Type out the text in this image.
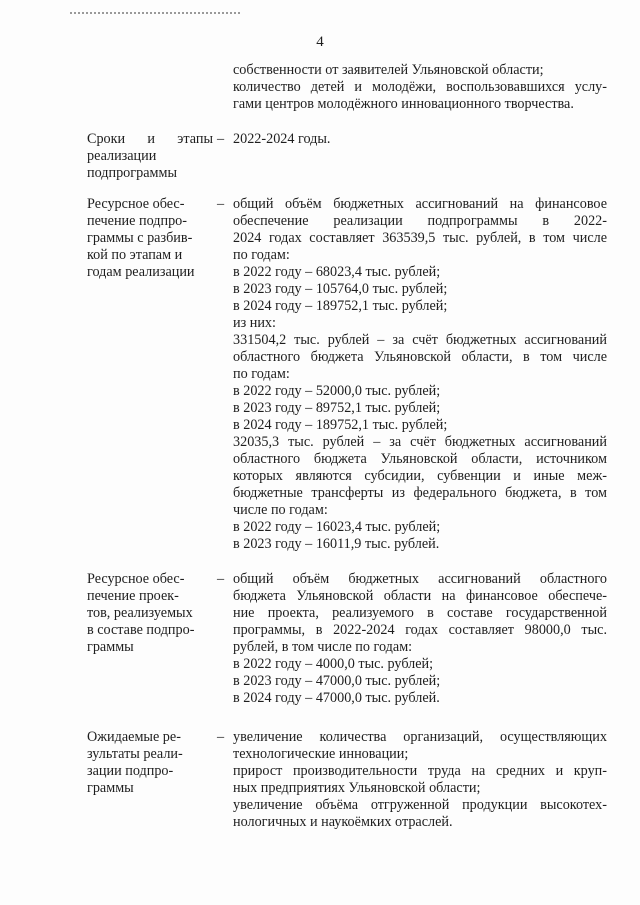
4
собственности от заявителей Ульяновской области;
количество детей и молодёжи, воспользовавшихся услу-
гами центров молодёжного инновационного творчества.
Сроки и этапы
реализации
подпрограммы
– 2022-2024 годы.
Ресурсное обес-
печение подпро-
граммы с разбив-
кой по этапам и
годам реализации
– общий объём бюджетных ассигнований на финансовое
обеспечение реализации подпрограммы в 2022-
2024 годах составляет 363539,5 тыс. рублей, в том числе
по годам:
в 2022 году – 68023,4 тыс. рублей;
в 2023 году – 105764,0 тыс. рублей;
в 2024 году – 189752,1 тыс. рублей;
из них:
331504,2 тыс. рублей – за счёт бюджетных ассигнований
областного бюджета Ульяновской области, в том числе
по годам:
в 2022 году – 52000,0 тыс. рублей;
в 2023 году – 89752,1 тыс. рублей;
в 2024 году – 189752,1 тыс. рублей;
32035,3 тыс. рублей – за счёт бюджетных ассигнований
областного бюджета Ульяновской области, источником
которых являются субсидии, субвенции и иные меж-
бюджетные трансферты из федерального бюджета, в том
числе по годам:
в 2022 году – 16023,4 тыс. рублей;
в 2023 году – 16011,9 тыс. рублей.
Ресурсное обес-
печение проек-
тов, реализуемых
в составе подпро-
граммы
– общий объём бюджетных ассигнований областного
бюджета Ульяновской области на финансовое обеспече-
ние проекта, реализуемого в составе государственной
программы, в 2022-2024 годах составляет 98000,0 тыс.
рублей, в том числе по годам:
в 2022 году – 4000,0 тыс. рублей;
в 2023 году – 47000,0 тыс. рублей;
в 2024 году – 47000,0 тыс. рублей.
Ожидаемые ре-
зультаты реали-
зации подпро-
граммы
– увеличение количества организаций, осуществляющих
технологические инновации;
прирост производительности труда на средних и круп-
ных предприятиях Ульяновской области;
увеличение объёма отгруженной продукции высокотех-
нологичных и наукоёмких отраслей.
